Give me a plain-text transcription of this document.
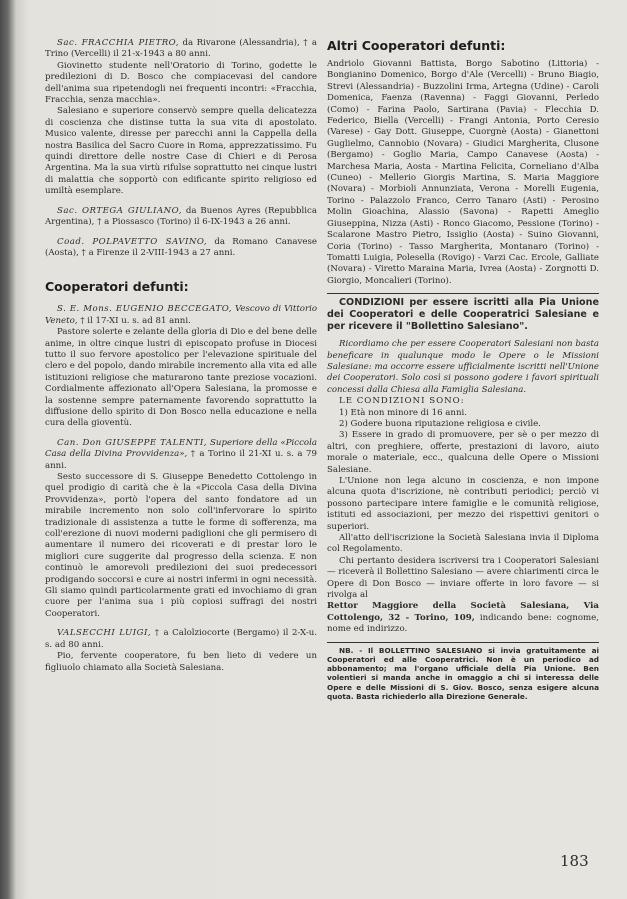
Sac. FRACCHIA PIETRO, da Rivarone (Alessandria), † a Trino (Vercelli) il 21-x-1943 a 80 anni.

Giovinetto studente nell'Oratorio di Torino, godette le predilezioni di D. Bosco che compiacevasi del candore dell'anima sua ripetendogli nei frequenti incontri: «Fracchia, Fracchia, senza macchia».

Salesiano e superiore conservò sempre quella delicatezza di coscienza che distinse tutta la sua vita di apostolato. Musico valente, diresse per parecchi anni la Cappella della nostra Basilica del Sacro Cuore in Roma, apprezzatissimo. Fu quindi direttore delle nostre Case di Chieri e di Perosa Argentina. Ma la sua virtù rifulse soprattutto nei cinque lustri di malattia che sopportò con edificante spirito religioso ed umiltà esemplare.

Sac. ORTEGA GIULIANO, da Buenos Ayres (Repubblica Argentina), † a Piossasco (Torino) il 6-IX-1943 a 26 anni.

Coad. POLPAVETTO SAVINO, da Romano Canavese (Aosta), † a Firenze il 2-VIII-1943 a 27 anni.

Cooperatori defunti:

S. E. Mons. EUGENIO BECCEGATO, Vescovo di Vittorio Veneto, † il 17-XI u. s. ad 81 anni.

Pastore solerte e zelante della gloria di Dio e del bene delle anime, in oltre cinque lustri di episcopato profuse in Diocesi tutto il suo fervore apostolico per l'elevazione spirituale del clero e del popolo, dando mirabile incremento alla vita ed alle istituzioni religiose che maturarono tante preziose vocazioni. Cordialmente affezionato all'Opera Salesiana, la promosse e la sostenne sempre paternamente favorendo soprattutto la diffusione dello spirito di Don Bosco nella educazione e nella cura della gioventù.

Can. Don GIUSEPPE TALENTI, Superiore della «Piccola Casa della Divina Provvidenza», † a Torino il 21-XI u. s. a 79 anni.

Sesto successore di S. Giuseppe Benedetto Cottolengo in quel prodigio di carità che è la «Piccola Casa della Divina Provvidenza», portò l'opera del santo fondatore ad un mirabile incremento non solo coll'infervorare lo spirito tradizionale di assistenza a tutte le forme di sofferenza, ma coll'erezione di nuovi moderni padiglioni che gli permisero di aumentare il numero dei ricoverati e di prestar loro le migliori cure suggerite dal progresso della scienza. E non continuò le amorevoli predilezioni dei suoi predecessori prodigando soccorsi e cure ai nostri infermi in ogni necessità. Gli siamo quindi particolarmente grati ed invochiamo di gran cuore per l'anima sua i più copiosi suffragi dei nostri Cooperatori.

VALSECCHI LUIGI, † a Calolziocorte (Bergamo) il 2-X-u. s. ad 80 anni.

Pio, fervente cooperatore, fu ben lieto di vedere un figliuolo chiamato alla Società Salesiana.

Altri Cooperatori defunti:

Andriolo Giovanni Battista, Borgo Sabotino (Littoria) - Bongianino Domenico, Borgo d'Ale (Vercelli) - Bruno Biagio, Strevi (Alessandria) - Buzzolini Irma, Artegna (Udine) - Caroli Domenica, Faenza (Ravenna) - Faggi Giovanni, Perledo (Como) - Farina Paolo, Sartirana (Pavia) - Flecchia D. Federico, Biella (Vercelli) - Frangi Antonia, Porto Ceresio (Varese) - Gay Dott. Giuseppe, Cuorgnè (Aosta) - Gianettoni Guglielmo, Cannobio (Novara) - Giudici Margherita, Clusone (Bergamo) - Goglio Maria, Campo Canavese (Aosta) - Marchesa Maria, Aosta - Martina Felicita, Corneliano d'Alba (Cuneo) - Mellerio Giorgis Martina, S. Maria Maggiore (Novara) - Morbioli Annunziata, Verona - Morelli Eugenia, Torino - Palazzolo Franco, Cerro Tanaro (Asti) - Perosino Molin Gioachina, Alassio (Savona) - Rapetti Ameglio Giuseppina, Nizza (Asti) - Ronco Giacomo, Pessione (Torino) - Scalarone Mastro Pietro, Issiglio (Aosta) - Suino Giovanni, Coria (Torino) - Tasso Margherita, Montanaro (Torino) - Tomatti Luigia, Polesella (Rovigo) - Varzi Cac. Ercole, Galliate (Novara) - Viretto Maraina Maria, Ivrea (Aosta) - Zorgnotti D. Giorgio, Moncalieri (Torino).

CONDIZIONI per essere iscritti alla Pia Unione dei Cooperatori e delle Cooperatrici Salesiane e per ricevere il "Bollettino Salesiano".

Ricordiamo che per essere Cooperatori Salesiani non basta beneficare in qualunque modo le Opere o le Missioni Salesiane: ma occorre essere ufficialmente iscritti nell'Unione dei Cooperatori. Solo così si possono godere i favori spirituali concessi dalla Chiesa alla Famiglia Salesiana.

LE CONDIZIONI SONO:

1) Età non minore di 16 anni.

2) Godere buona riputazione religiosa e civile.

3) Essere in grado di promuovere, per sè o per mezzo di altri, con preghiere, offerte, prestazioni di lavoro, aiuto morale o materiale, ecc., qualcuna delle Opere o Missioni Salesiane.

L'Unione non lega alcuno in coscienza, e non impone alcuna quota d'iscrizione, nè contributi periodici; perciò vi possono partecipare intere famiglie e le comunità religiose, istituti ed associazioni, per mezzo dei rispettivi genitori o superiori.

All'atto dell'iscrizione la Società Salesiana invia il Diploma col Regolamento.

Chi pertanto desidera iscriversi tra i Cooperatori Salesiani — riceverà il Bollettino Salesiano — avere chiarimenti circa le Opere di Don Bosco — inviare offerte in loro favore — si rivolga al

Rettor Maggiore della Società Salesiana, Via Cottolengo, 32 - Torino, 109, indicando bene: cognome, nome ed indirizzo.

NB. - Il BOLLETTINO SALESIANO si invia gratuitamente ai Cooperatori ed alle Cooperatrici. Non è un periodico ad abbonamento; ma l'organo ufficiale della Pia Unione. Ben volentieri si manda anche in omaggio a chi si interessa delle Opere e delle Missioni di S. Giov. Bosco, senza esigere alcuna quota. Basta richiederlo alla Direzione Generale.

183
